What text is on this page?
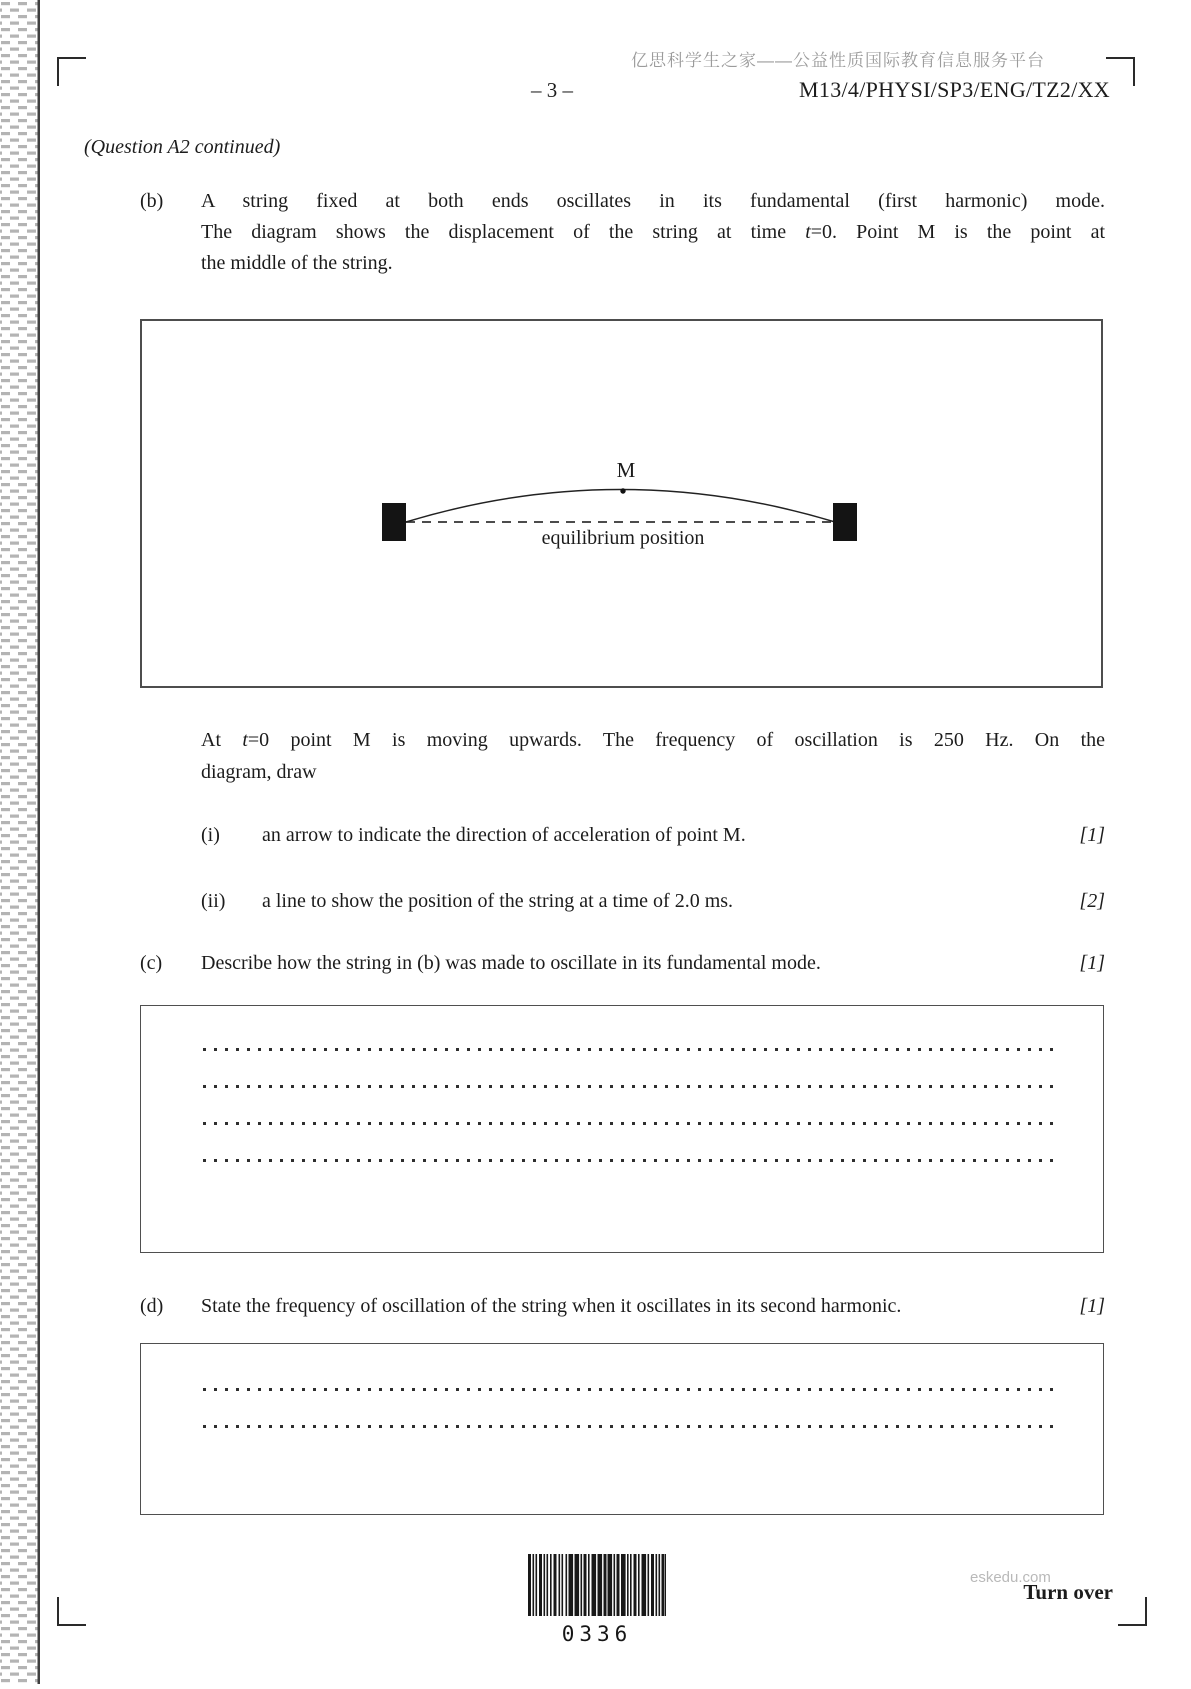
亿思科学生之家——公益性质国际教育信息服务平台
– 3 –	M13/4/PHYSI/SP3/ENG/TZ2/XX
(Question A2 continued)
(b)	A string fixed at both ends oscillates in its fundamental (first harmonic) mode.
The diagram shows the displacement of the string at time t=0. Point M is the point at
the middle of the string.
M
equilibrium position
At t=0 point M is moving upwards. The frequency of oscillation is 250 Hz. On the
diagram, draw
(i)	an arrow to indicate the direction of acceleration of point M.	[1]
(ii)	a line to show the position of the string at a time of 2.0 ms.	[2]
(c)	Describe how the string in (b) was made to oscillate in its fundamental mode.	[1]
(d)	State the frequency of oscillation of the string when it oscillates in its second harmonic.	[1]
0336
eskedu.com
Turn over
